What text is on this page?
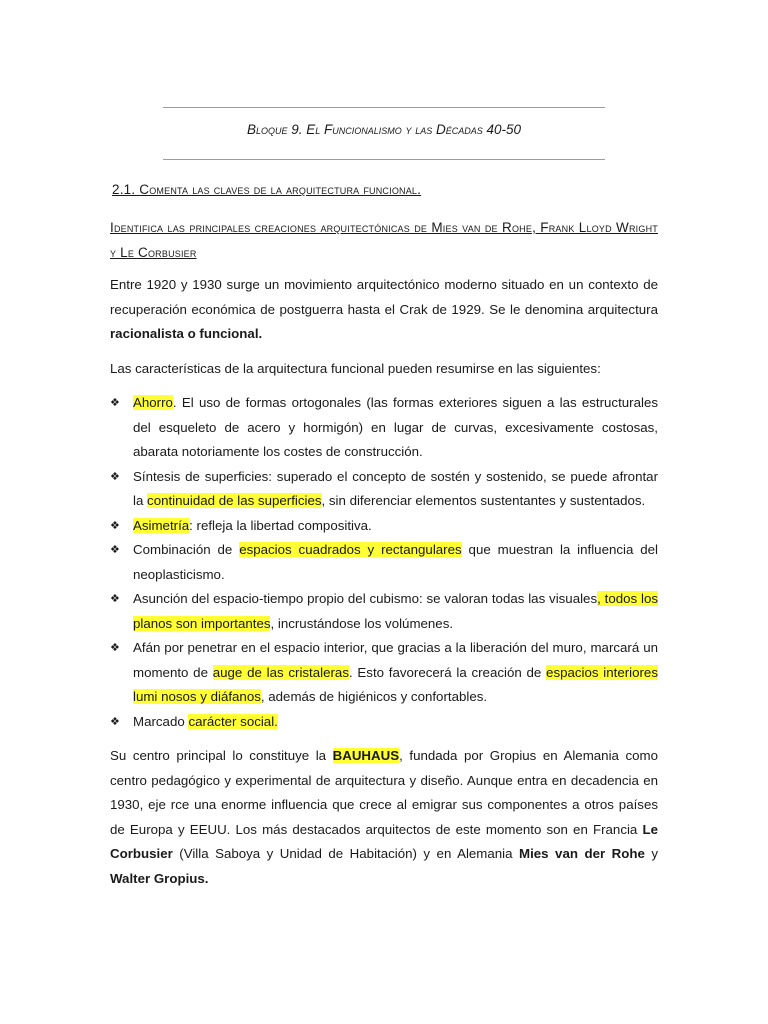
Bloque 9. El Funcionalismo y las Décadas 40-50
2.1. Comenta las claves de la arquitectura funcional.
Identifica las principales creaciones arquitectónicas de Mies van de Rohe, Frank Lloyd Wright y Le Corbusier

Entre 1920 y 1930 surge un movimiento arquitectónico moderno situado en un contexto de recuperación económica de postguerra hasta el Crak de 1929. Se le denomina arquitectura racionalista o funcional.

Las características de la arquitectura funcional pueden resumirse en las siguientes:

❖ Ahorro. El uso de formas ortogonales (las formas exteriores siguen a las estructurales del esqueleto de acero y hormigón) en lugar de curvas, excesivamente costosas, abarata notoriamente los costes de construcción.
❖ Síntesis de superficies: superado el concepto de sostén y sostenido, se puede afrontar la continuidad de las superficies, sin diferenciar elementos sustentantes y sustentados.
❖ Asimetría: refleja la libertad compositiva.
❖ Combinación de espacios cuadrados y rectangulares que muestran la influencia del neoplasticismo.
❖ Asunción del espacio-tiempo propio del cubismo: se valoran todas las visuales, todos los planos son importantes, incrustándose los volúmenes.
❖ Afán por penetrar en el espacio interior, que gracias a la liberación del muro, marcará un momento de auge de las cristaleras. Esto favorecerá la creación de espacios interiores lumi nosos y diáfanos, además de higiénicos y confortables.
❖ Marcado carácter social.

Su centro principal lo constituye la BAUHAUS, fundada por Gropius en Alemania como centro pedagógico y experimental de arquitectura y diseño. Aunque entra en decadencia en 1930, eje rce una enorme influencia que crece al emigrar sus componentes a otros países de Europa y EEUU. Los más destacados arquitectos de este momento son en Francia Le Corbusier (Villa Saboya y Unidad de Habitación) y en Alemania Mies van der Rohe y Walter Gropius.
